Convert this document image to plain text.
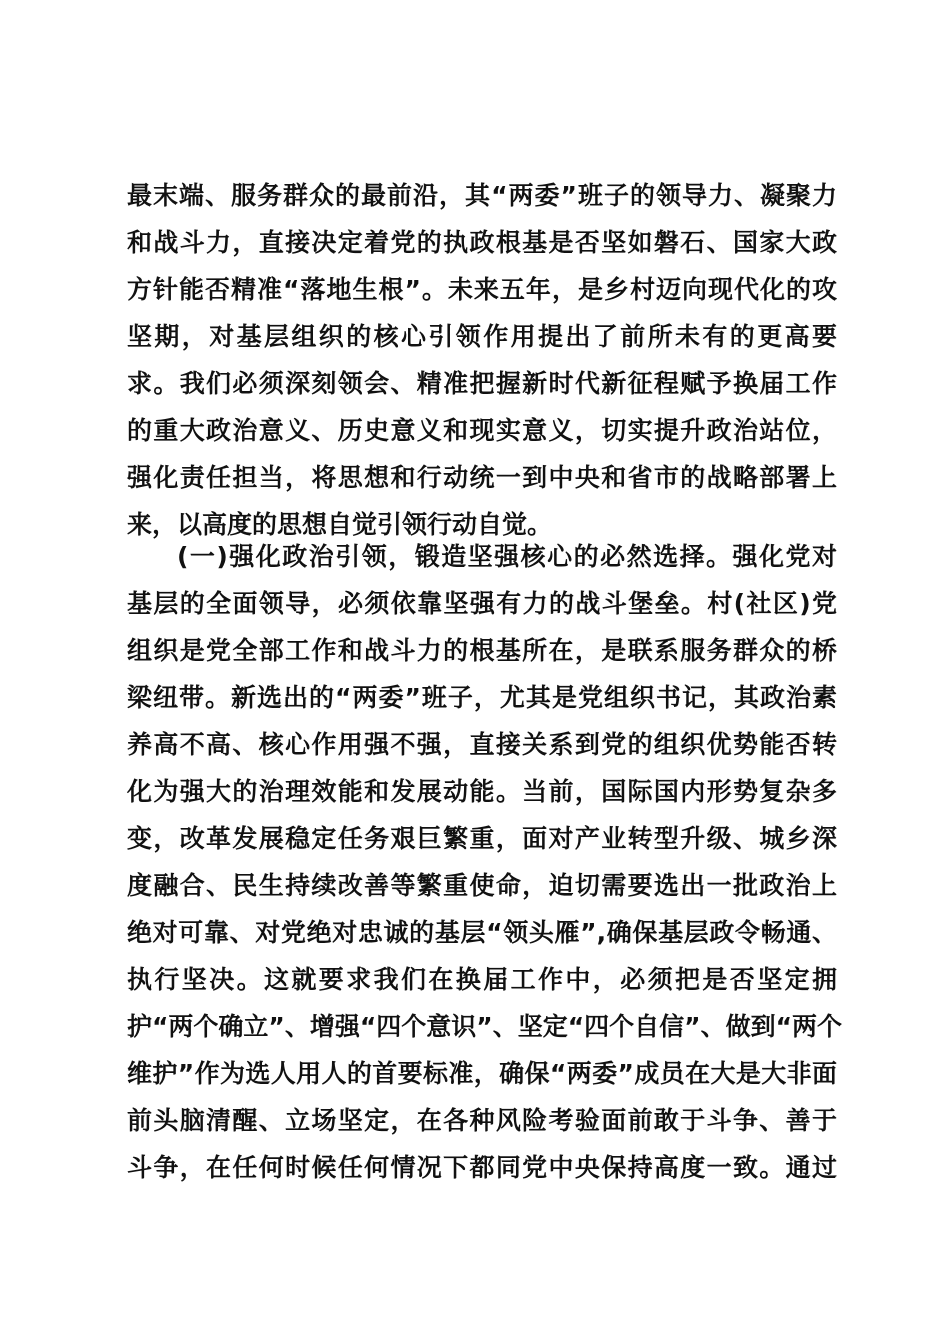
最末端、服务群众的最前沿，其“两委”班子的领导力、凝聚力
和战斗力，直接决定着党的执政根基是否坚如磐石、国家大政
方针能否精准“落地生根”。未来五年，是乡村迈向现代化的攻
坚期，对基层组织的核心引领作用提出了前所未有的更高要
求。我们必须深刻领会、精准把握新时代新征程赋予换届工作
的重大政治意义、历史意义和现实意义，切实提升政治站位，
强化责任担当，将思想和行动统一到中央和省市的战略部署上
来，以高度的思想自觉引领行动自觉。
(一)强化政治引领，锻造坚强核心的必然选择。强化党对
基层的全面领导，必须依靠坚强有力的战斗堡垒。村(社区)党
组织是党全部工作和战斗力的根基所在，是联系服务群众的桥
梁纽带。新选出的“两委”班子，尤其是党组织书记，其政治素
养高不高、核心作用强不强，直接关系到党的组织优势能否转
化为强大的治理效能和发展动能。当前，国际国内形势复杂多
变，改革发展稳定任务艰巨繁重，面对产业转型升级、城乡深
度融合、民生持续改善等繁重使命，迫切需要选出一批政治上
绝对可靠、对党绝对忠诚的基层“领头雁”,确保基层政令畅通、
执行坚决。这就要求我们在换届工作中，必须把是否坚定拥
护“两个确立”、增强“四个意识”、坚定“四个自信”、做到“两个
维护”作为选人用人的首要标准，确保“两委”成员在大是大非面
前头脑清醒、立场坚定，在各种风险考验面前敢于斗争、善于
斗争，在任何时候任何情况下都同党中央保持高度一致。通过
